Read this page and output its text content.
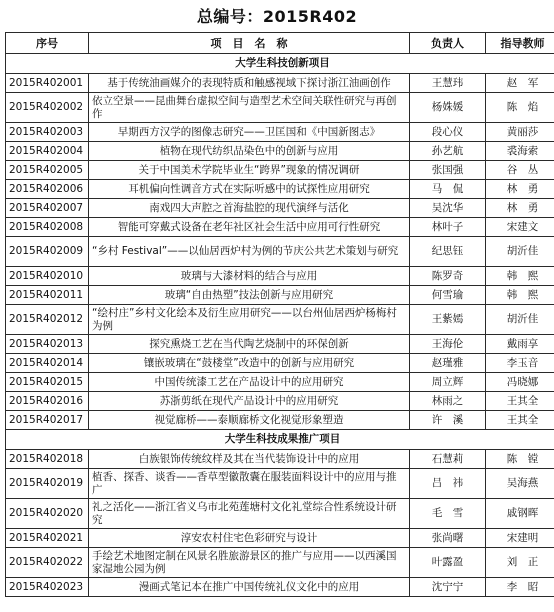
总编号：2015R402
序号	项　目　名　称	负责人	指导教师
大学生科技创新项目			
2015R402001	基于传统油画媒介的表现特质和触感视域下探讨浙江油画创作	王慧玮	赵　军
2015R402002	依立空景——昆曲舞台虚拟空间与造型艺术空间关联性研究与再创作	杨姝媛	陈　焰
2015R402003	早期西方汉学的图像志研究——卫匡国和《中国新图志》	段心仪	黄丽莎
2015R402004	植物在现代纺织品染色中的创新与应用	孙艺航	裘海索
2015R402005	关于中国美术学院毕业生“跨界”现象的情况调研	张国强	谷　丛
2015R402006	耳机偏向性调音方式在实际听感中的试探性应用研究	马　侃	林　勇
2015R402007	南戏四大声腔之首海盐腔的现代演绎与活化	吴沈华	林　勇
2015R402008	智能可穿戴式设备在老年社区社会生活中应用可行性研究	林叶子	宋建文
2015R402009	“乡村 Festival”——以仙居西炉村为例的节庆公共艺术策划与研究	纪思钰	胡沂佳
2015R402010	玻璃与大漆材料的结合与应用	陈罗奇	韩　熙
2015R402011	玻璃“自由热塑”技法创新与应用研究	何雪瑜	韩　熙
2015R402012	“绘村庄”乡村文化绘本及衍生应用研究——以台州仙居西炉杨梅村为例	王紫嫣	胡沂佳
2015R402013	探究熏烧工艺在当代陶艺烧制中的环保创新	王海伦	戴雨享
2015R402014	镶嵌玻璃在“鼓楼堂”改造中的创新与应用研究	赵瑾雅	李玉音
2015R402015	中国传统漆工艺在产品设计中的应用研究	周立辉	冯晓娜
2015R402016	苏浙剪纸在现代产品设计中的应用研究	林雨之	王其全
2015R402017	视觉廊桥——泰顺廊桥文化视觉形象塑造	许　溪	王其全
大学生科技成果推广项目			
2015R402018	白族银饰传统纹样及其在当代装饰设计中的应用	石慧莉	陈　镗
2015R402019	植香、探香、谈香——香草型徽散囊在服装面料设计中的应用与推广	吕　祎	吴海燕
2015R402020	礼之活化——浙江省义乌市北苑莲塘村文化礼堂综合性系统设计研究	毛　雪	戚钢晖
2015R402021	淳安农村住宅色彩研究与设计	张尚曙	宋建明
2015R402022	手绘艺术地图定制在风景名胜旅游景区的推广与应用——以西溪国家湿地公园为例	叶露盈	刘　正
2015R402023	漫画式笔记本在推广中国传统礼仪文化中的应用	沈宁宁	李　昭
